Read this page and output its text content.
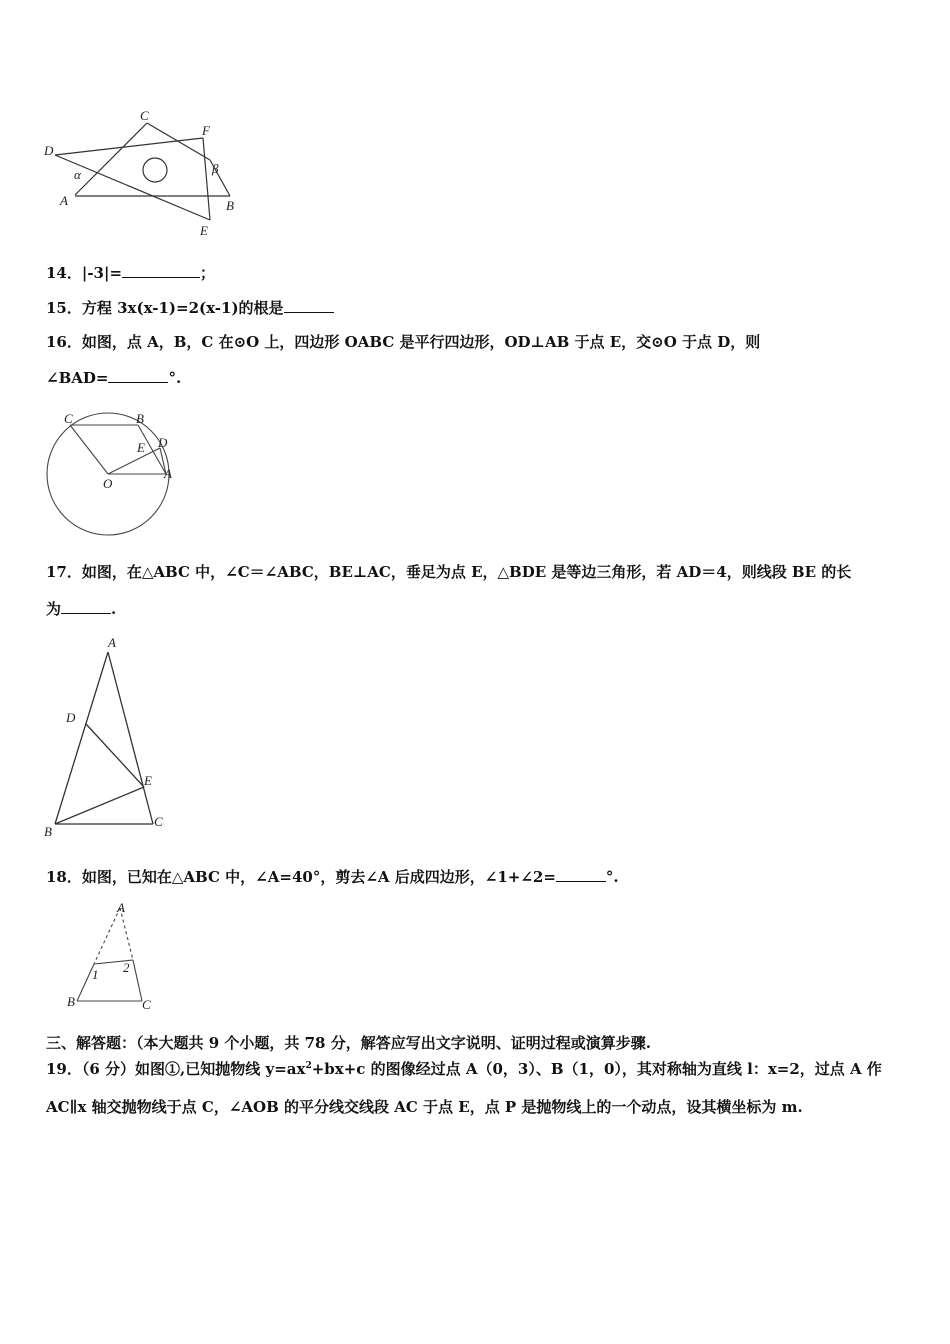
C
F
D
α	β
A	B
E
14．|-3|=	；
15．方程 3x(x-1)=2(x-1)的根是
16．如图，点 A，B，C 在⊙O 上，四边形 OABC 是平行四边形，OD⊥AB 于点 E，交⊙O 于点 D，则
∠BAD=	°.
C	B
D
E
O
A
17．如图，在△ABC 中，∠C＝∠ABC，BE⊥AC，垂足为点 E，△BDE 是等边三角形，若 AD＝4，则线段 BE 的长
为	.
A
D
E
B
C
18．如图，已知在△ABC 中，∠A=40°，剪去∠A 后成四边形，∠1+∠2=	°.
A
1 2
B	C
三、解答题：（本大题共 9 个小题，共 78 分，解答应写出文字说明、证明过程或演算步骤.
19．（6 分）如图①,已知抛物线 $y=ax^2+bx+c$ 的图像经过点 A（0，3）、B（1，0），其对称轴为直线 l：x=2，过点 A 作
AC∥x 轴交抛物线于点 C，∠AOB 的平分线交线段 AC 于点 E，点 P 是抛物线上的一个动点，设其横坐标为 m.
